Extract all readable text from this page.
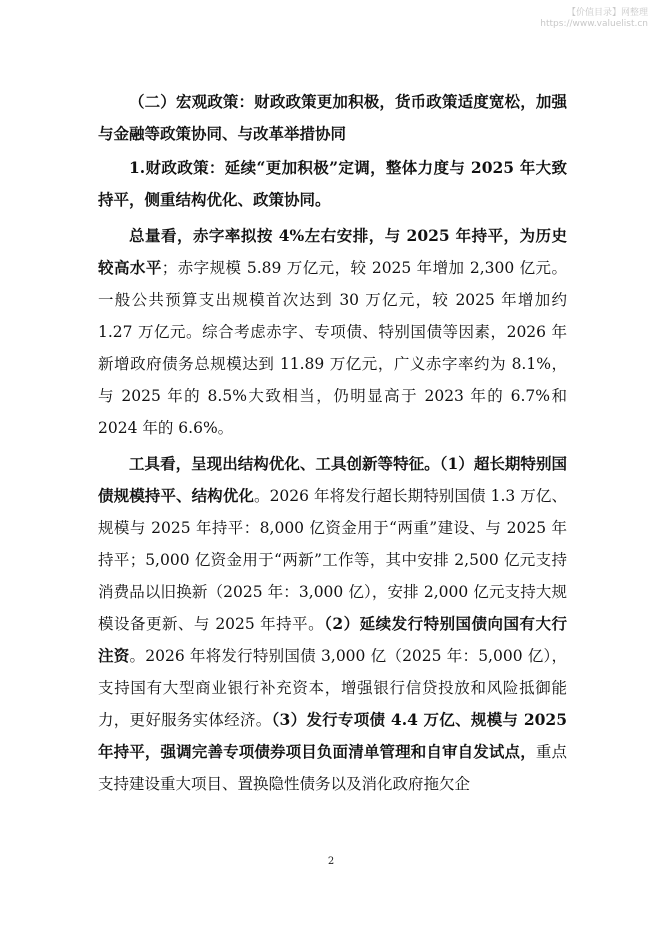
【价值目录】网整理
https://www.valuelist.cn

（二）宏观政策：财政政策更加积极，货币政策适度宽松，加强与金融等政策协同、与改革举措协同

1.财政政策：延续“更加积极”定调，整体力度与 2025 年大致持平，侧重结构优化、政策协同。

总量看，赤字率拟按 4%左右安排，与 2025 年持平，为历史较高水平；赤字规模 5.89 万亿元，较 2025 年增加 2,300 亿元。一般公共预算支出规模首次达到 30 万亿元，较 2025 年增加约 1.27 万亿元。综合考虑赤字、专项债、特别国债等因素，2026 年新增政府债务总规模达到 11.89 万亿元，广义赤字率约为 8.1%，与 2025 年的 8.5%大致相当，仍明显高于 2023 年的 6.7%和 2024 年的 6.6%。

工具看，呈现出结构优化、工具创新等特征。（1）超长期特别国债规模持平、结构优化。2026 年将发行超长期特别国债 1.3 万亿、规模与 2025 年持平：8,000 亿资金用于“两重”建设、与 2025 年持平；5,000 亿资金用于“两新”工作等，其中安排 2,500 亿元支持消费品以旧换新（2025 年：3,000 亿），安排 2,000 亿元支持大规模设备更新、与 2025 年持平。（2）延续发行特别国债向国有大行注资。2026 年将发行特别国债 3,000 亿（2025 年：5,000 亿），支持国有大型商业银行补充资本，增强银行信贷投放和风险抵御能力，更好服务实体经济。（3）发行专项债 4.4 万亿、规模与 2025 年持平，强调完善专项债券项目负面清单管理和自审自发试点，重点支持建设重大项目、置换隐性债务以及消化政府拖欠企

2
